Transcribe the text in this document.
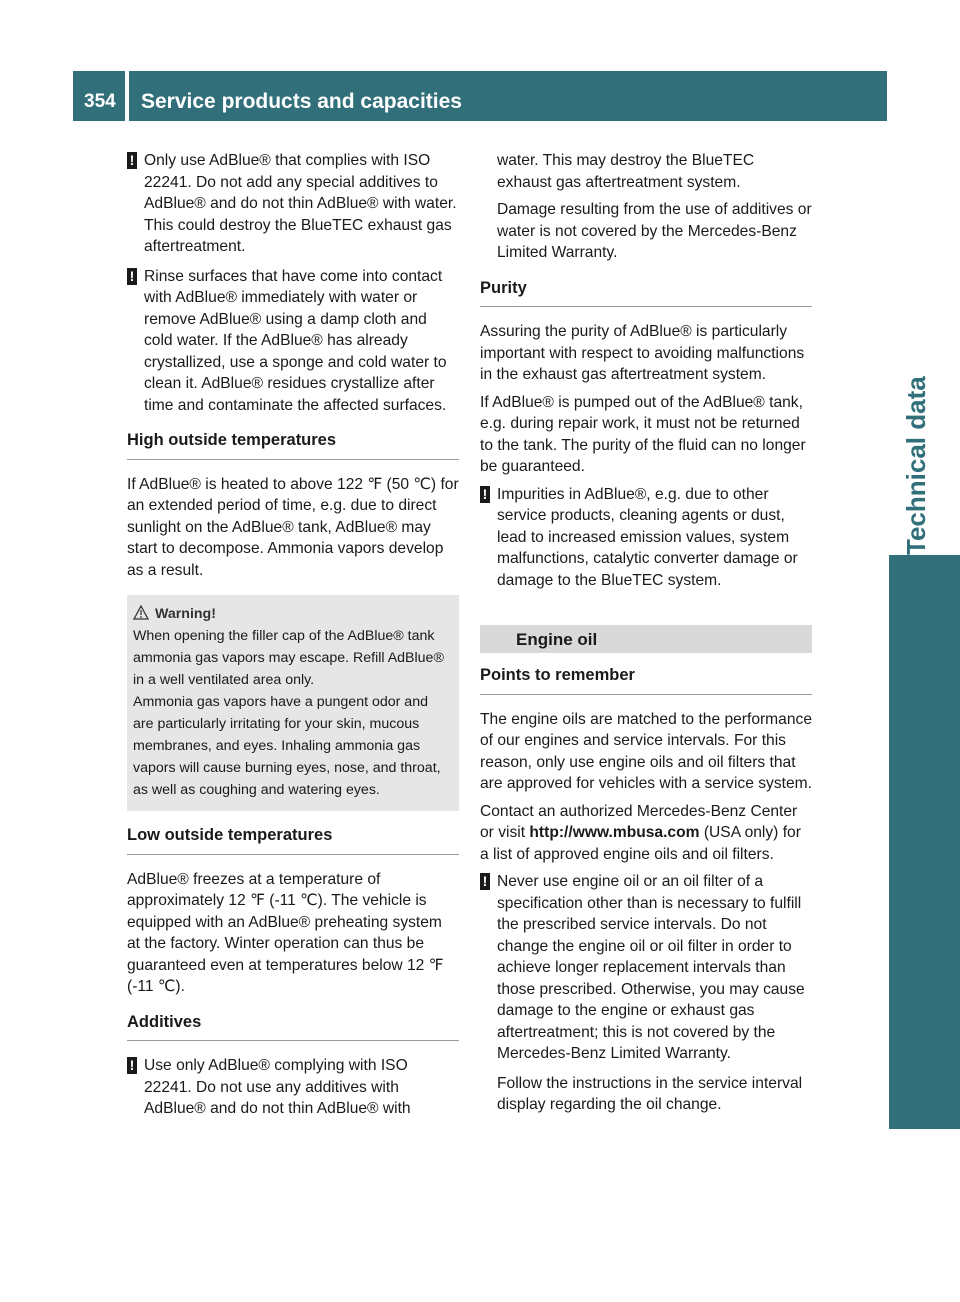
354 Service products and capacities
Technical data
! Only use AdBlue® that complies with ISO 22241. Do not add any special additives to AdBlue® and do not thin AdBlue® with water. This could destroy the BlueTEC exhaust gas aftertreatment.
! Rinse surfaces that have come into contact with AdBlue® immediately with water or remove AdBlue® using a damp cloth and cold water. If the AdBlue® has already crystallized, use a sponge and cold water to clean it. AdBlue® residues crystallize after time and contaminate the affected surfaces.
High outside temperatures

If AdBlue® is heated to above 122 ℉ (50 ℃) for an extended period of time, e.g. due to direct sunlight on the AdBlue® tank, AdBlue® may start to decompose. Ammonia vapors develop as a result.

Warning!
When opening the filler cap of the AdBlue® tank ammonia gas vapors may escape. Refill AdBlue® in a well ventilated area only.
Ammonia gas vapors have a pungent odor and are particularly irritating for your skin, mucous membranes, and eyes. Inhaling ammonia gas vapors will cause burning eyes, nose, and throat, as well as coughing and watering eyes.
Low outside temperatures

AdBlue® freezes at a temperature of approximately 12 ℉ (-11 ℃). The vehicle is equipped with an AdBlue® preheating system at the factory. Winter operation can thus be guaranteed even at temperatures below 12 ℉ (-11 ℃).

Additives
! Use only AdBlue® complying with ISO 22241. Do not use any additives with AdBlue® and do not thin AdBlue® with

water. This may destroy the BlueTEC exhaust gas aftertreatment system.

Damage resulting from the use of additives or water is not covered by the Mercedes-Benz Limited Warranty.

Purity

Assuring the purity of AdBlue® is particularly important with respect to avoiding malfunctions in the exhaust gas aftertreatment system.

If AdBlue® is pumped out of the AdBlue® tank, e.g. during repair work, it must not be returned to the tank. The purity of the fluid can no longer be guaranteed.

! Impurities in AdBlue®, e.g. due to other service products, cleaning agents or dust, lead to increased emission values, system malfunctions, catalytic converter damage or damage to the BlueTEC system.
Engine oil
Points to remember

The engine oils are matched to the performance of our engines and service intervals. For this reason, only use engine oils and oil filters that are approved for vehicles with a service system.

Contact an authorized Mercedes-Benz Center or visit http://www.mbusa.com (USA only) for a list of approved engine oils and oil filters.

! Never use engine oil or an oil filter of a specification other than is necessary to fulfill the prescribed service intervals. Do not change the engine oil or oil filter in order to achieve longer replacement intervals than those prescribed. Otherwise, you may cause damage to the engine or exhaust gas aftertreatment; this is not covered by the Mercedes-Benz Limited Warranty.

Follow the instructions in the service interval display regarding the oil change.
